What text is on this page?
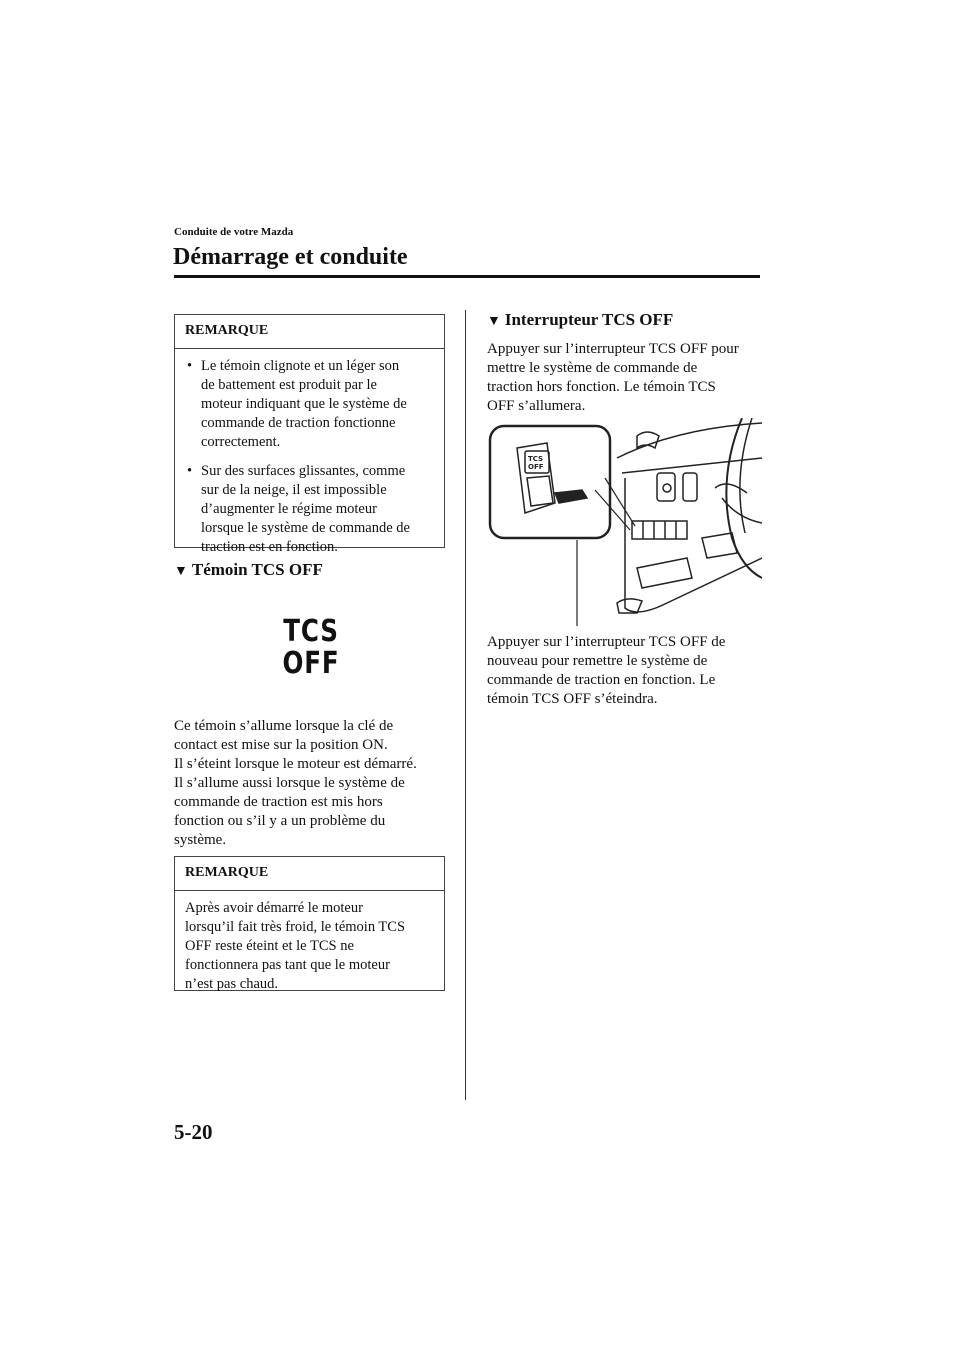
Conduite de votre Mazda
Démarrage et conduite
REMARQUE
• Le témoin clignote et un léger son
de battement est produit par le
moteur indiquant que le système de
commande de traction fonctionne
correctement.
• Sur des surfaces glissantes, comme
sur de la neige, il est impossible
d’augmenter le régime moteur
lorsque le système de commande de
traction est en fonction.
▼ Témoin TCS OFF
TCS
OFF
Ce témoin s’allume lorsque la clé de
contact est mise sur la position ON.
Il s’éteint lorsque le moteur est démarré.
Il s’allume aussi lorsque le système de
commande de traction est mis hors
fonction ou s’il y a un problème du
système.
REMARQUE
Après avoir démarré le moteur
lorsqu’il fait très froid, le témoin TCS
OFF reste éteint et le TCS ne
fonctionnera pas tant que le moteur
n’est pas chaud.
▼ Interrupteur TCS OFF
Appuyer sur l’interrupteur TCS OFF pour
mettre le système de commande de
traction hors fonction. Le témoin TCS
OFF s’allumera.
TCS
OFF
Appuyer sur l’interrupteur TCS OFF de
nouveau pour remettre le système de
commande de traction en fonction. Le
témoin TCS OFF s’éteindra.
5-20
